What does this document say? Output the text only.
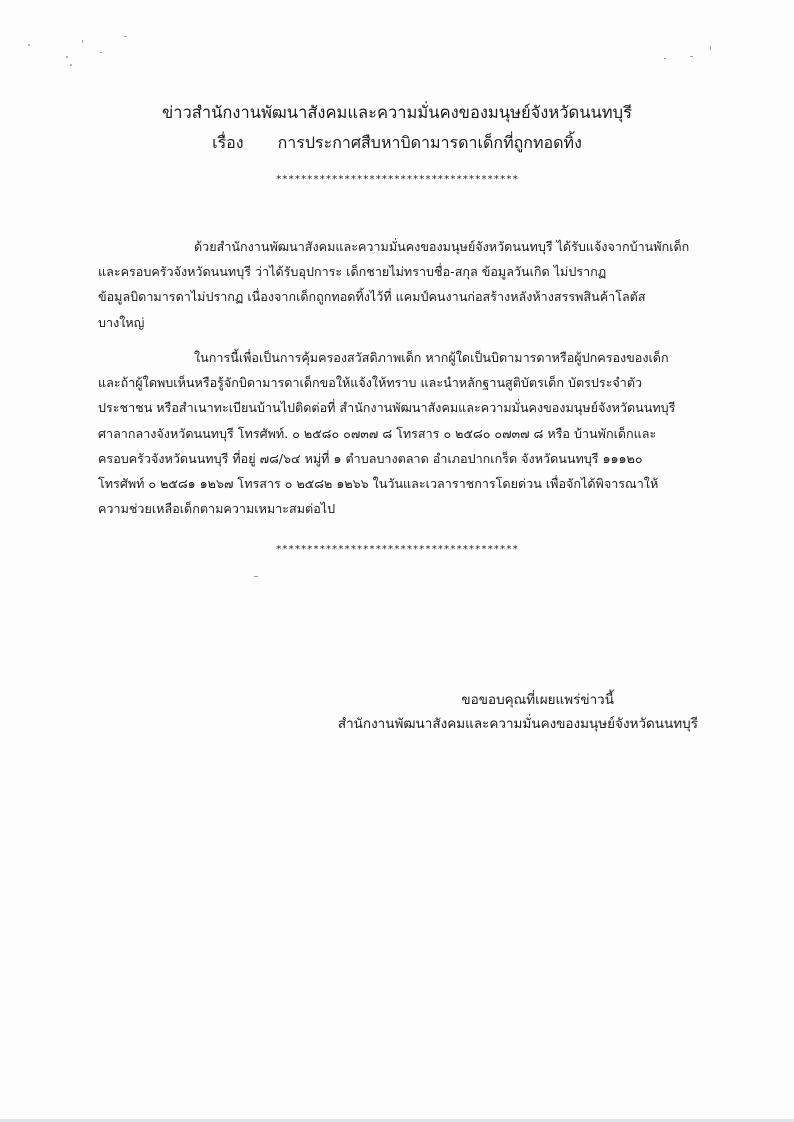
ข่าวสำนักงานพัฒนาสังคมและความมั่นคงของมนุษย์จังหวัดนนทบุรี
เรื่อง การประกาศสืบหาบิดามารดาเด็กที่ถูกทอดทิ้ง
***************************************
ด้วยสำนักงานพัฒนาสังคมและความมั่นคงของมนุษย์จังหวัดนนทบุรี ได้รับแจ้งจากบ้านพักเด็ก
และครอบครัวจังหวัดนนทบุรี ว่าได้รับอุปการะ เด็กชายไม่ทราบชื่อ-สกุล ข้อมูลวันเกิด ไม่ปรากฏ
ข้อมูลบิดามารดาไม่ปรากฏ เนื่องจากเด็กถูกทอดทิ้งไว้ที่ แคมป์คนงานก่อสร้างหลังห้างสรรพสินค้าโลตัส
บางใหญ่
ในการนี้เพื่อเป็นการคุ้มครองสวัสดิภาพเด็ก หากผู้ใดเป็นบิดามารดาหรือผู้ปกครองของเด็ก
และถ้าผู้ใดพบเห็นหรือรู้จักบิดามารดาเด็กขอให้แจ้งให้ทราบ และนำหลักฐานสูติบัตรเด็ก บัตรประจำตัว
ประชาชน หรือสำเนาทะเบียนบ้านไปติดต่อที่ สำนักงานพัฒนาสังคมและความมั่นคงของมนุษย์จังหวัดนนทบุรี
ศาลากลางจังหวัดนนทบุรี โทรศัพท์. ๐ ๒๕๘๐ ๐๗๓๗ ๘ โทรสาร ๐ ๒๕๘๐ ๐๗๓๗ ๘ หรือ บ้านพักเด็กและ
ครอบครัวจังหวัดนนทบุรี ที่อยู่ ๗๘/๖๔ หมู่ที่ ๑ ตำบลบางตลาด อำเภอปากเกร็ด จังหวัดนนทบุรี ๑๑๑๒๐
โทรศัพท์ ๐ ๒๕๘๑ ๑๒๖๗ โทรสาร ๐ ๒๕๘๒ ๑๒๖๖ ในวันและเวลาราชการโดยด่วน เพื่อจักได้พิจารณาให้
ความช่วยเหลือเด็กตามความเหมาะสมต่อไป
***************************************
ขอขอบคุณที่เผยแพร่ข่าวนี้
สำนักงานพัฒนาสังคมและความมั่นคงของมนุษย์จังหวัดนนทบุรี
